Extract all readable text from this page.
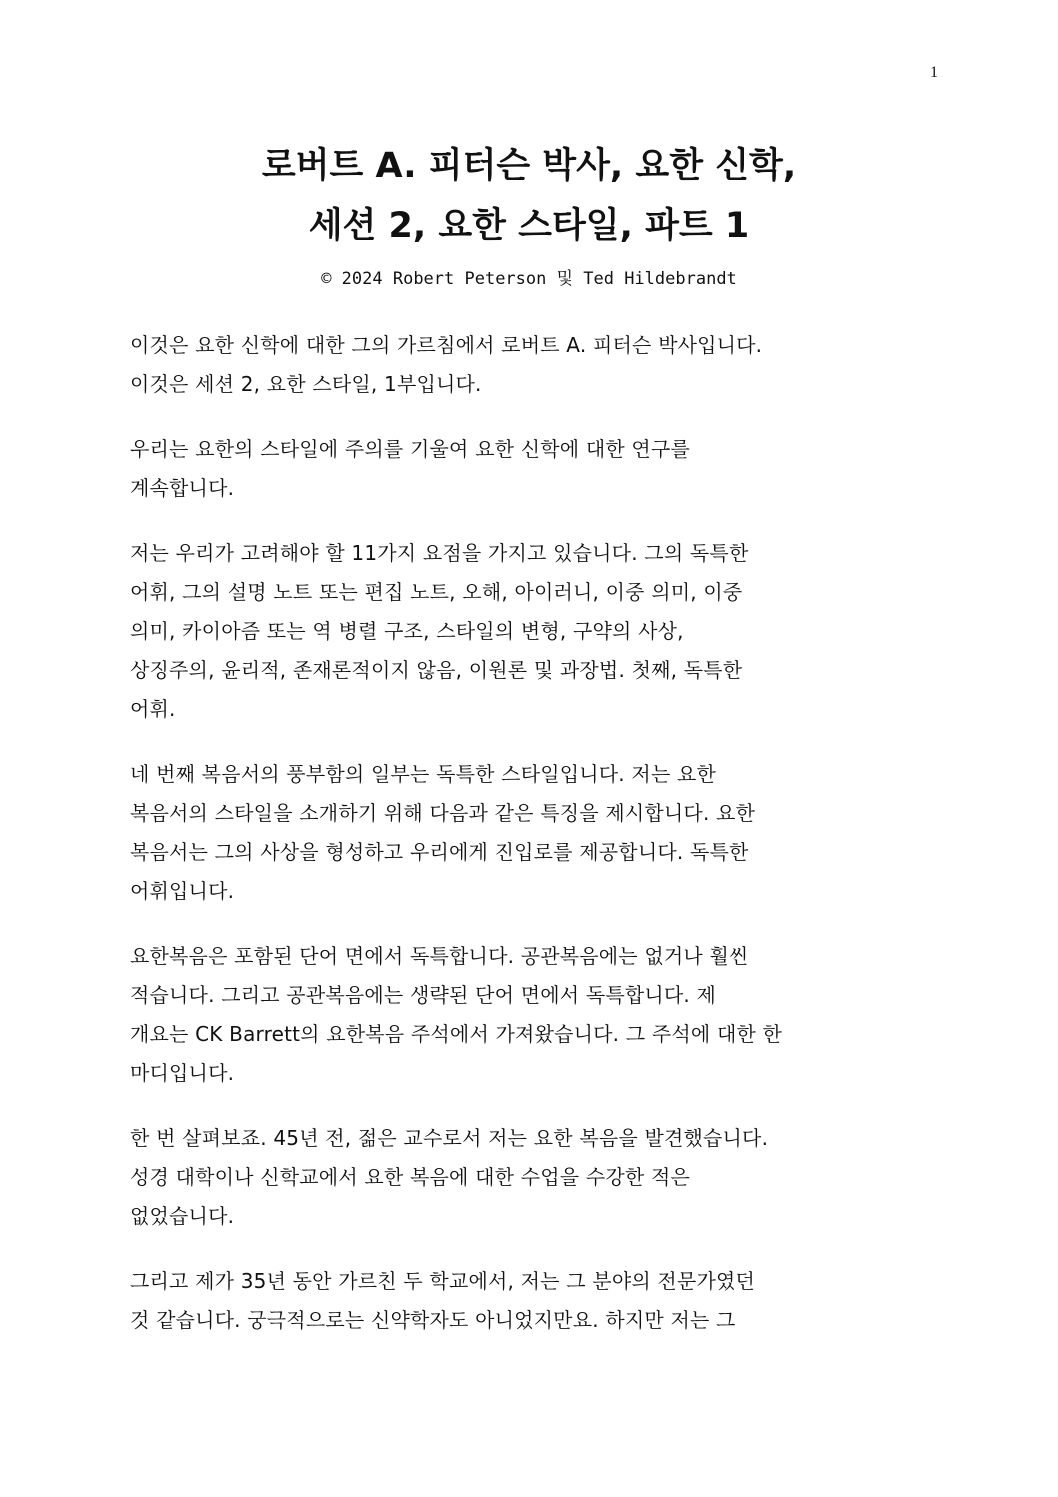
1
로버트 A. 피터슨 박사, 요한 신학,
세션 2, 요한 스타일, 파트 1
© 2024 Robert Peterson 및 Ted Hildebrandt

이것은 요한 신학에 대한 그의 가르침에서 로버트 A. 피터슨 박사입니다.
이것은 세션 2, 요한 스타일, 1부입니다.

우리는 요한의 스타일에 주의를 기울여 요한 신학에 대한 연구를
계속합니다.

저는 우리가 고려해야 할 11가지 요점을 가지고 있습니다. 그의 독특한
어휘, 그의 설명 노트 또는 편집 노트, 오해, 아이러니, 이중 의미, 이중
의미, 카이아즘 또는 역 병렬 구조, 스타일의 변형, 구약의 사상,
상징주의, 윤리적, 존재론적이지 않음, 이원론 및 과장법. 첫째, 독특한
어휘.

네 번째 복음서의 풍부함의 일부는 독특한 스타일입니다. 저는 요한
복음서의 스타일을 소개하기 위해 다음과 같은 특징을 제시합니다. 요한
복음서는 그의 사상을 형성하고 우리에게 진입로를 제공합니다. 독특한
어휘입니다.

요한복음은 포함된 단어 면에서 독특합니다. 공관복음에는 없거나 훨씬
적습니다. 그리고 공관복음에는 생략된 단어 면에서 독특합니다. 제
개요는 CK Barrett의 요한복음 주석에서 가져왔습니다. 그 주석에 대한 한
마디입니다.

한 번 살펴보죠. 45년 전, 젊은 교수로서 저는 요한 복음을 발견했습니다.
성경 대학이나 신학교에서 요한 복음에 대한 수업을 수강한 적은
없었습니다.

그리고 제가 35년 동안 가르친 두 학교에서, 저는 그 분야의 전문가였던
것 같습니다. 궁극적으로는 신약학자도 아니었지만요. 하지만 저는 그
